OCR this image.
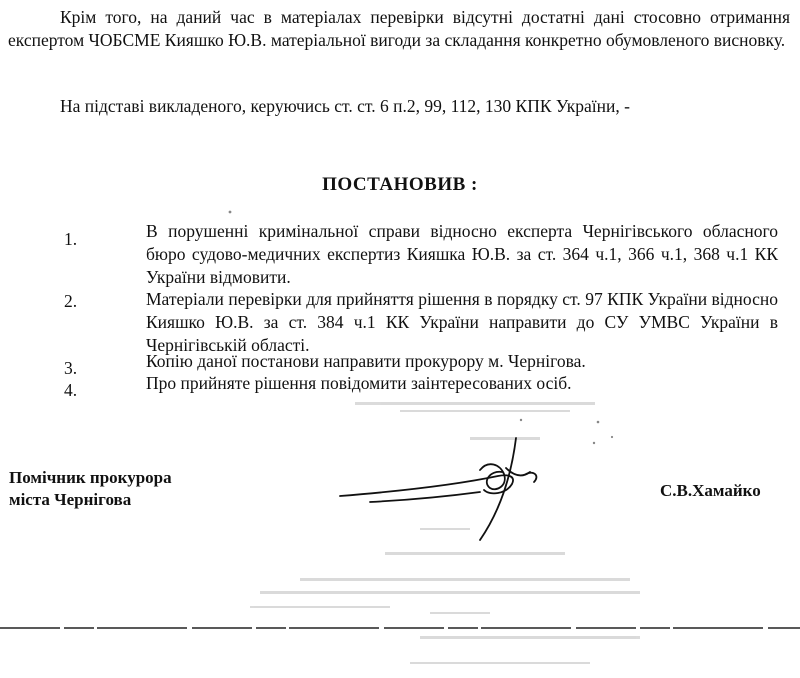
Крім того, на даний час в матеріалах перевірки відсутні достатні дані стосовно отримання експертом ЧОБСМЕ Кияшко Ю.В. матеріальної вигоди за складання конкретно обумовленого висновку.
На підставі викладеного, керуючись ст. ст. 6 п.2, 99, 112, 130 КПК України, -
ПОСТАНОВИВ :
1.	В порушенні кримінальної справи відносно експерта Чернігівського обласного бюро судово-медичних експертиз Кияшка Ю.В. за ст. 364 ч.1, 366 ч.1, 368 ч.1 КК України відмовити.
2.	Матеріали перевірки для прийняття рішення в порядку ст. 97 КПК України відносно Кияшко Ю.В. за ст. 384 ч.1 КК України направити до СУ УМВС України в Чернігівській області.
3.	Копію даної постанови направити прокурору м. Чернігова.
4.	Про прийняте рішення повідомити заінтересованих осіб.
Помічник прокурора
міста Чернігова	С.В.Хамайко
